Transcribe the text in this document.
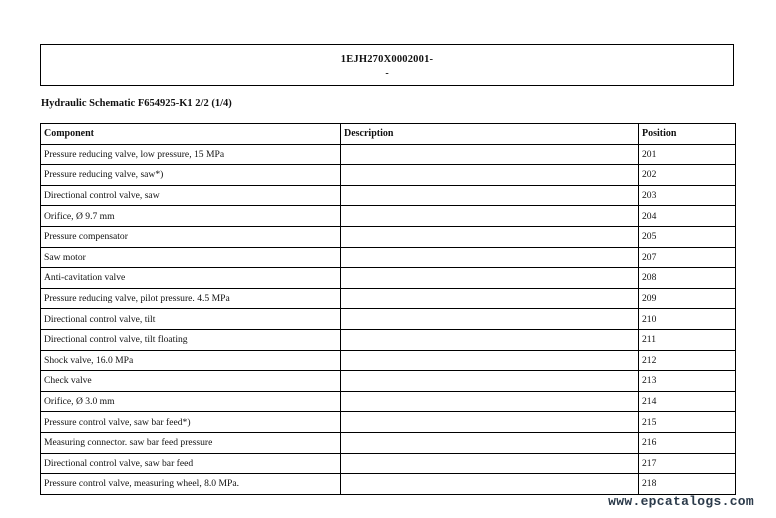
1EJH270X0002001-
-
Hydraulic Schematic F654925-K1 2/2 (1/4)
Component	Description	Position
Pressure reducing valve, low pressure, 15 MPa		201
Pressure reducing valve, saw*)		202
Directional control valve, saw		203
Orifice, Ø 9.7 mm		204
Pressure compensator		205
Saw motor		207
Anti-cavitation valve		208
Pressure reducing valve, pilot pressure. 4.5 MPa		209
Directional control valve, tilt		210
Directional control valve, tilt floating		211
Shock valve, 16.0 MPa		212
Check valve		213
Orifice, Ø 3.0 mm		214
Pressure control valve, saw bar feed*)		215
Measuring connector. saw bar feed pressure		216
Directional control valve, saw bar feed		217
Pressure control valve, measuring wheel, 8.0 MPa.		218
www.epcatalogs.com
